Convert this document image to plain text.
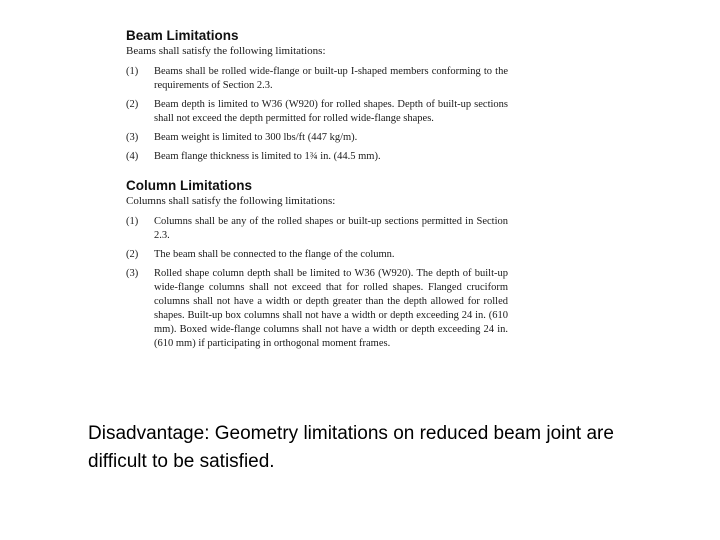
Beam Limitations
Beams shall satisfy the following limitations:
(1)	Beams shall be rolled wide-flange or built-up I-shaped members conforming to the requirements of Section 2.3.
(2)	Beam depth is limited to W36 (W920) for rolled shapes. Depth of built-up sections shall not exceed the depth permitted for rolled wide-flange shapes.
(3)	Beam weight is limited to 300 lbs/ft (447 kg/m).
(4)	Beam flange thickness is limited to 1¾ in. (44.5 mm).
Column Limitations
Columns shall satisfy the following limitations:
(1)	Columns shall be any of the rolled shapes or built-up sections permitted in Section 2.3.
(2)	The beam shall be connected to the flange of the column.
(3)	Rolled shape column depth shall be limited to W36 (W920). The depth of built-up wide-flange columns shall not exceed that for rolled shapes. Flanged cruciform columns shall not have a width or depth greater than the depth allowed for rolled shapes. Built-up box columns shall not have a width or depth exceeding 24 in. (610 mm). Boxed wide-flange columns shall not have a width or depth exceeding 24 in. (610 mm) if participating in orthogonal moment frames.
Disadvantage: Geometry limitations on reduced beam joint are difficult to be satisfied.
